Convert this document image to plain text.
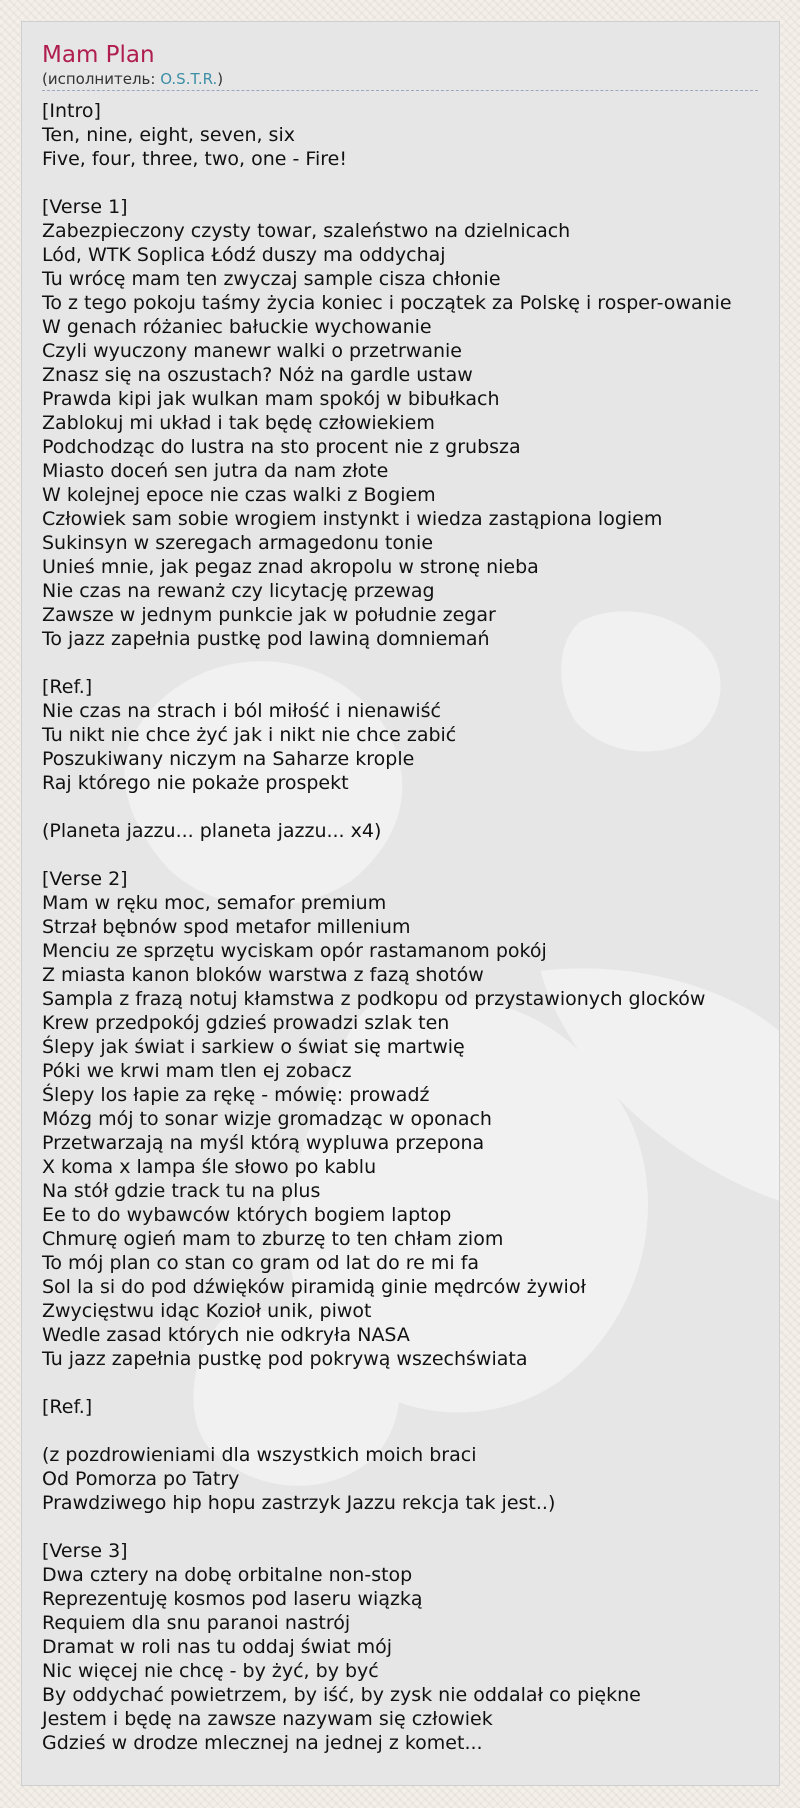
Mam Plan
(исполнитель: O.S.T.R.)
[Intro]
Ten, nine, eight, seven, six
Five, four, three, two, one - Fire!

[Verse 1]
Zabezpieczony czysty towar, szaleństwo na dzielnicach
Lód, WTK Soplica Łódź duszy ma oddychaj
Tu wrócę mam ten zwyczaj sample cisza chłonie
To z tego pokoju taśmy życia koniec i początek za Polskę i rosper-owanie
W genach różaniec bałuckie wychowanie
Czyli wyuczony manewr walki o przetrwanie
Znasz się na oszustach? Nóż na gardle ustaw
Prawda kipi jak wulkan mam spokój w bibułkach
Zablokuj mi układ i tak będę człowiekiem
Podchodząc do lustra na sto procent nie z grubsza
Miasto doceń sen jutra da nam złote
W kolejnej epoce nie czas walki z Bogiem
Człowiek sam sobie wrogiem instynkt i wiedza zastąpiona logiem
Sukinsyn w szeregach armagedonu tonie
Unieś mnie, jak pegaz znad akropolu w stronę nieba
Nie czas na rewanż czy licytację przewag
Zawsze w jednym punkcie jak w południe zegar
To jazz zapełnia pustkę pod lawiną domniemań

[Ref.]
Nie czas na strach i ból miłość i nienawiść
Tu nikt nie chce żyć jak i nikt nie chce zabić
Poszukiwany niczym na Saharze krople
Raj którego nie pokaże prospekt

(Planeta jazzu... planeta jazzu... x4)

[Verse 2]
Mam w ręku moc, semafor premium
Strzał bębnów spod metafor millenium
Menciu ze sprzętu wyciskam opór rastamanom pokój
Z miasta kanon bloków warstwa z fazą shotów
Sampla z frazą notuj kłamstwa z podkopu od przystawionych glocków
Krew przedpokój gdzieś prowadzi szlak ten
Ślepy jak świat i sarkiew o świat się martwię
Póki we krwi mam tlen ej zobacz
Ślepy los łapie za rękę - mówię: prowadź
Mózg mój to sonar wizje gromadząc w oponach
Przetwarzają na myśl którą wypluwa przepona
X koma x lampa śle słowo po kablu
Na stół gdzie track tu na plus
Ee to do wybawców których bogiem laptop
Chmurę ogień mam to zburzę to ten chłam ziom
To mój plan co stan co gram od lat do re mi fa
Sol la si do pod dźwięków piramidą ginie mędrców żywioł
Zwycięstwu idąc Kozioł unik, piwot
Wedle zasad których nie odkryła NASA
Tu jazz zapełnia pustkę pod pokrywą wszechświata

[Ref.]

(z pozdrowieniami dla wszystkich moich braci
Od Pomorza po Tatry
Prawdziwego hip hopu zastrzyk Jazzu rekcja tak jest..)

[Verse 3]
Dwa cztery na dobę orbitalne non-stop
Reprezentuję kosmos pod laseru wiązką
Requiem dla snu paranoi nastrój
Dramat w roli nas tu oddaj świat mój
Nic więcej nie chcę - by żyć, by być
By oddychać powietrzem, by iść, by zysk nie oddalał co piękne
Jestem i będę na zawsze nazywam się człowiek
Gdzieś w drodze mlecznej na jednej z komet...
